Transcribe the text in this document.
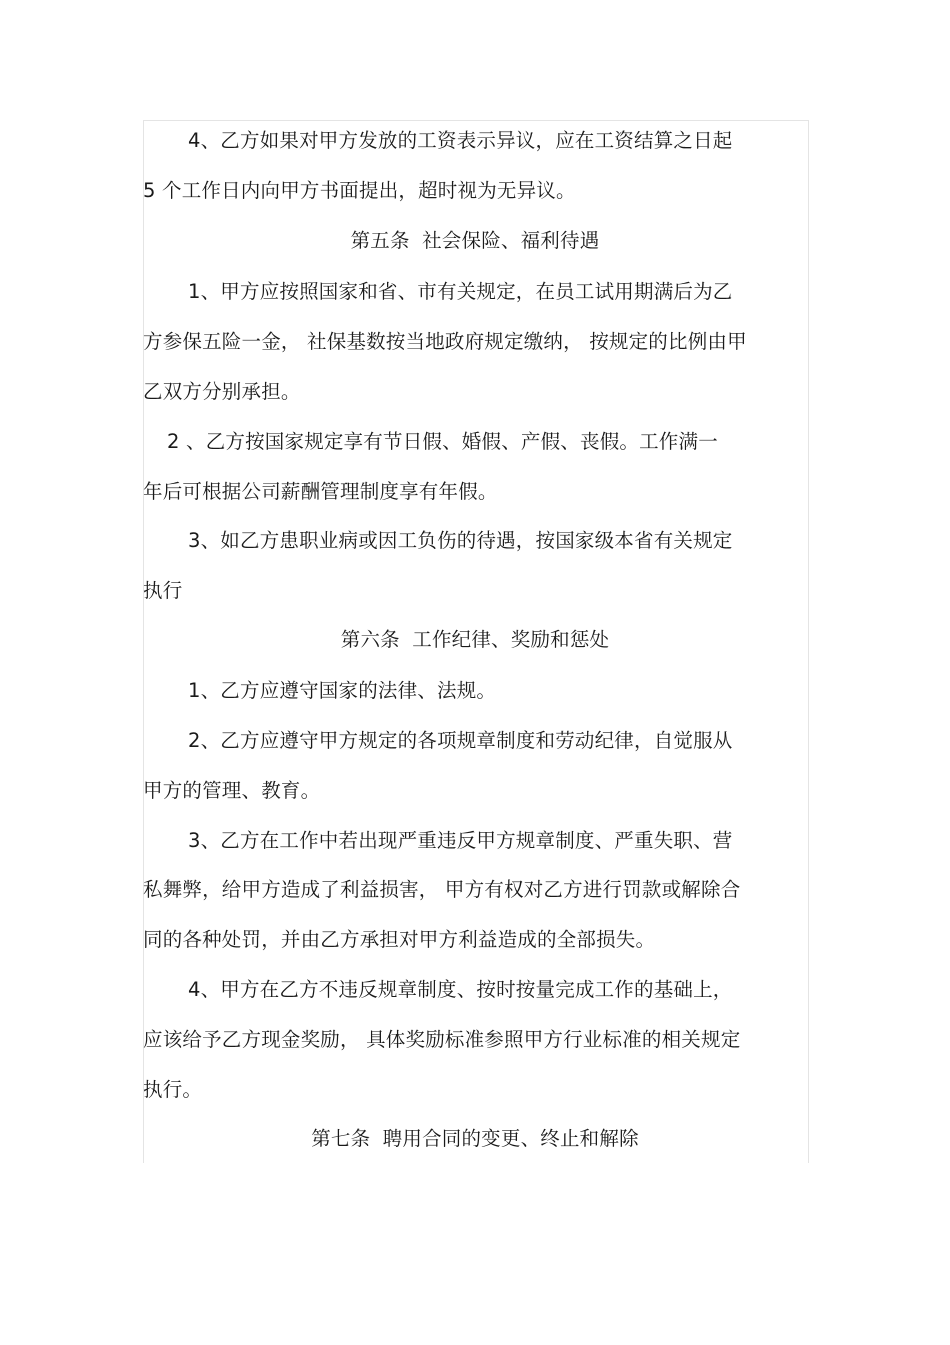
4、乙方如果对甲方发放的工资表示异议，应在工资结算之日起
5 个工作日内向甲方书面提出，超时视为无异议。
第五条 社会保险、福利待遇
1、甲方应按照国家和省、市有关规定，在员工试用期满后为乙
方参保五险一金， 社保基数按当地政府规定缴纳， 按规定的比例由甲
乙双方分别承担。
2 、乙方按国家规定享有节日假、婚假、产假、丧假。工作满一
年后可根据公司薪酬管理制度享有年假。
3、如乙方患职业病或因工负伤的待遇，按国家级本省有关规定
执行
第六条 工作纪律、奖励和惩处
1、乙方应遵守国家的法律、法规。
2、乙方应遵守甲方规定的各项规章制度和劳动纪律，自觉服从
甲方的管理、教育。
3、乙方在工作中若出现严重违反甲方规章制度、严重失职、营
私舞弊，给甲方造成了利益损害， 甲方有权对乙方进行罚款或解除合
同的各种处罚，并由乙方承担对甲方利益造成的全部损失。
4、甲方在乙方不违反规章制度、按时按量完成工作的基础上，
应该给予乙方现金奖励， 具体奖励标准参照甲方行业标准的相关规定
执行。
第七条 聘用合同的变更、终止和解除
